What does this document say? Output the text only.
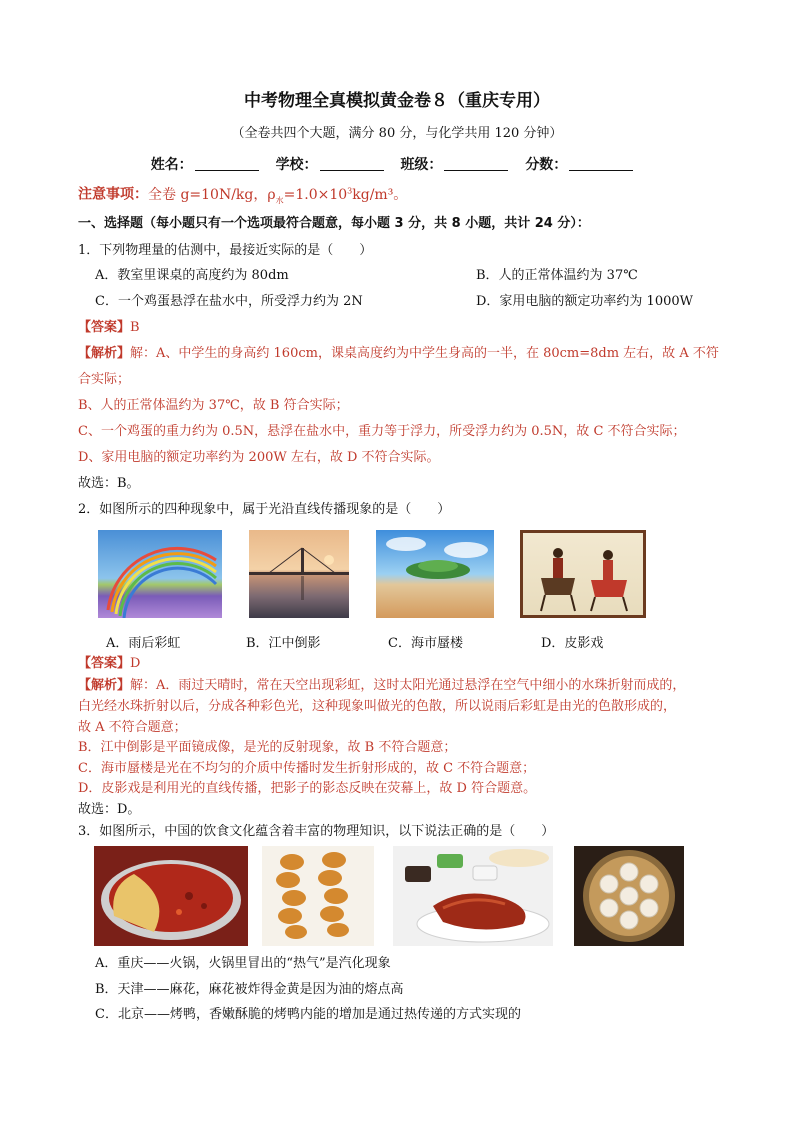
中考物理全真模拟黄金卷８（重庆专用）
（全卷共四个大题，满分 80 分，与化学共用 120 分钟）
姓名：	学校：	班级：	分数：
注意事项：全卷 g=10N/kg，$\rho_水=1.0\times 10^3kg/m^3$。
一、选择题（每小题只有一个选项最符合题意，每小题 3 分，共 8 小题，共计 24 分）：
1．下列物理量的估测中，最接近实际的是（　　）
A．教室里课桌的高度约为 80dm	B．人的正常体温约为 37℃
C．一个鸡蛋悬浮在盐水中，所受浮力约为 2N	D．家用电脑的额定功率约为 1000W
【答案】B
【解析】解：A、中学生的身高约 160cm，课桌高度约为中学生身高的一半，在 80cm=8dm 左右，故 A 不符
合实际；
B、人的正常体温约为 37℃，故 B 符合实际；
C、一个鸡蛋的重力约为 0.5N，悬浮在盐水中，重力等于浮力，所受浮力约为 0.5N，故 C 不符合实际；
D、家用电脑的额定功率约为 200W 左右，故 D 不符合实际。
故选：B。
2．如图所示的四种现象中，属于光沿直线传播现象的是（　　）
A．雨后彩虹	B．江中倒影	C．海市蜃楼	D．皮影戏
【答案】D
【解析】解：A．雨过天晴时，常在天空出现彩虹，这时太阳光通过悬浮在空气中细小的水珠折射而成的，
白光经水珠折射以后，分成各种彩色光，这种现象叫做光的色散，所以说雨后彩虹是由光的色散形成的，
故 A 不符合题意；
B．江中倒影是平面镜成像，是光的反射现象，故 B 不符合题意；
C．海市蜃楼是光在不均匀的介质中传播时发生折射形成的，故 C 不符合题意；
D．皮影戏是利用光的直线传播，把影子的影态反映在荧幕上，故 D 符合题意。
故选：D。
3．如图所示，中国的饮食文化蕴含着丰富的物理知识，以下说法正确的是（　　）
A．重庆——火锅，火锅里冒出的“热气”是汽化现象
B．天津——麻花，麻花被炸得金黄是因为油的熔点高
C．北京——烤鸭，香嫩酥脆的烤鸭内能的增加是通过热传递的方式实现的
